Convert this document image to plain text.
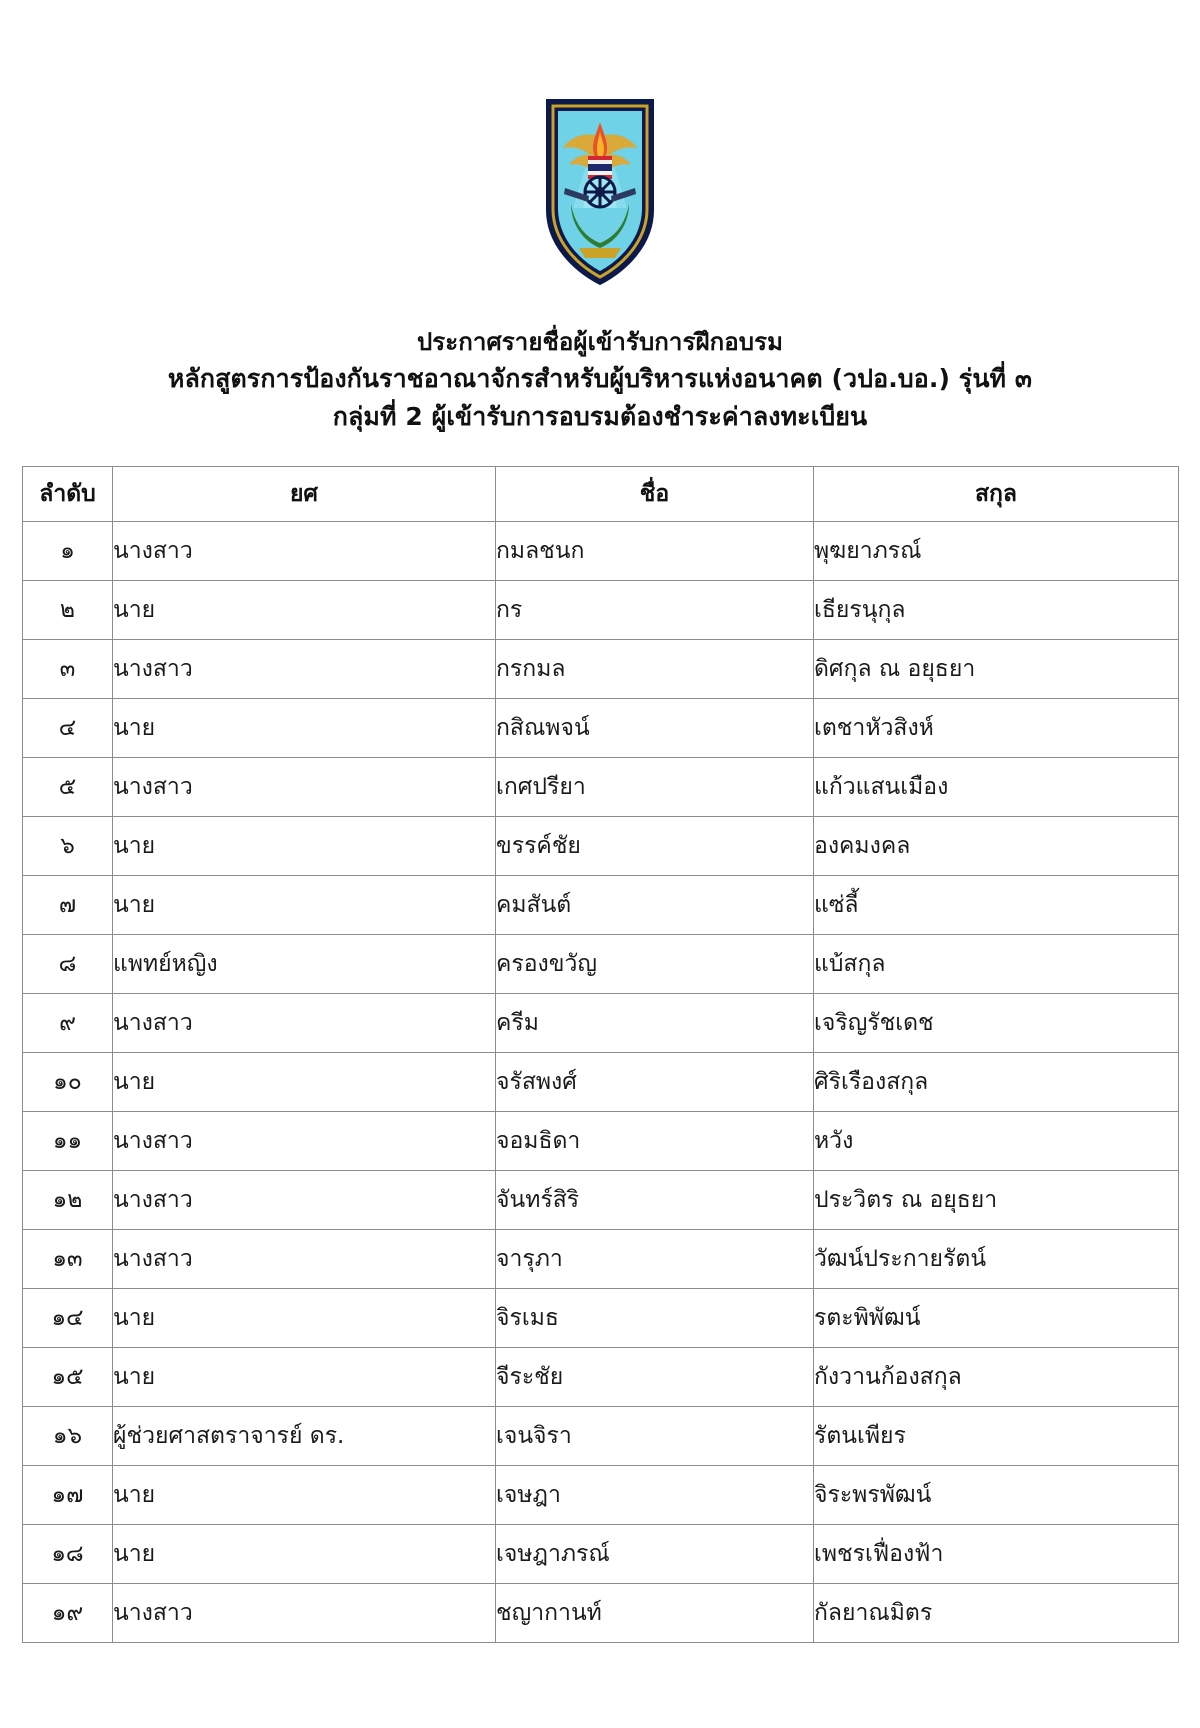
ประกาศรายชื่อผู้เข้ารับการฝึกอบรม
หลักสูตรการป้องกันราชอาณาจักรสำหรับผู้บริหารแห่งอนาคต (วปอ.บอ.) รุ่นที่ ๓
กลุ่มที่ 2 ผู้เข้ารับการอบรมต้องชำระค่าลงทะเบียน
ลำดับ	ยศ	ชื่อ	สกุล
๑	นางสาว	กมลชนก	พุฆยาภรณ์
๒	นาย	กร	เธียรนุกุล
๓	นางสาว	กรกมล	ดิศกุล ณ อยุธยา
๔	นาย	กสิณพจน์	เตชาหัวสิงห์
๕	นางสาว	เกศปรียา	แก้วแสนเมือง
๖	นาย	ขรรค์ชัย	องคมงคล
๗	นาย	คมสันต์	แซ่ลี้
๘	แพทย์หญิง	ครองขวัญ	แบ้สกุล
๙	นางสาว	ครีม	เจริญรัชเดช
๑๐	นาย	จรัสพงศ์	ศิริเรืองสกุล
๑๑	นางสาว	จอมธิดา	หวัง
๑๒	นางสาว	จันทร์สิริ	ประวิตร ณ อยุธยา
๑๓	นางสาว	จารุภา	วัฒน์ประกายรัตน์
๑๔	นาย	จิรเมธ	รตะพิพัฒน์
๑๕	นาย	จีระชัย	กังวานก้องสกุล
๑๖	ผู้ช่วยศาสตราจารย์ ดร.	เจนจิรา	รัตนเพียร
๑๗	นาย	เจษฎา	จิระพรพัฒน์
๑๘	นาย	เจษฎาภรณ์	เพชรเฟื่องฟ้า
๑๙	นางสาว	ชญากานท์	กัลยาณมิตร
